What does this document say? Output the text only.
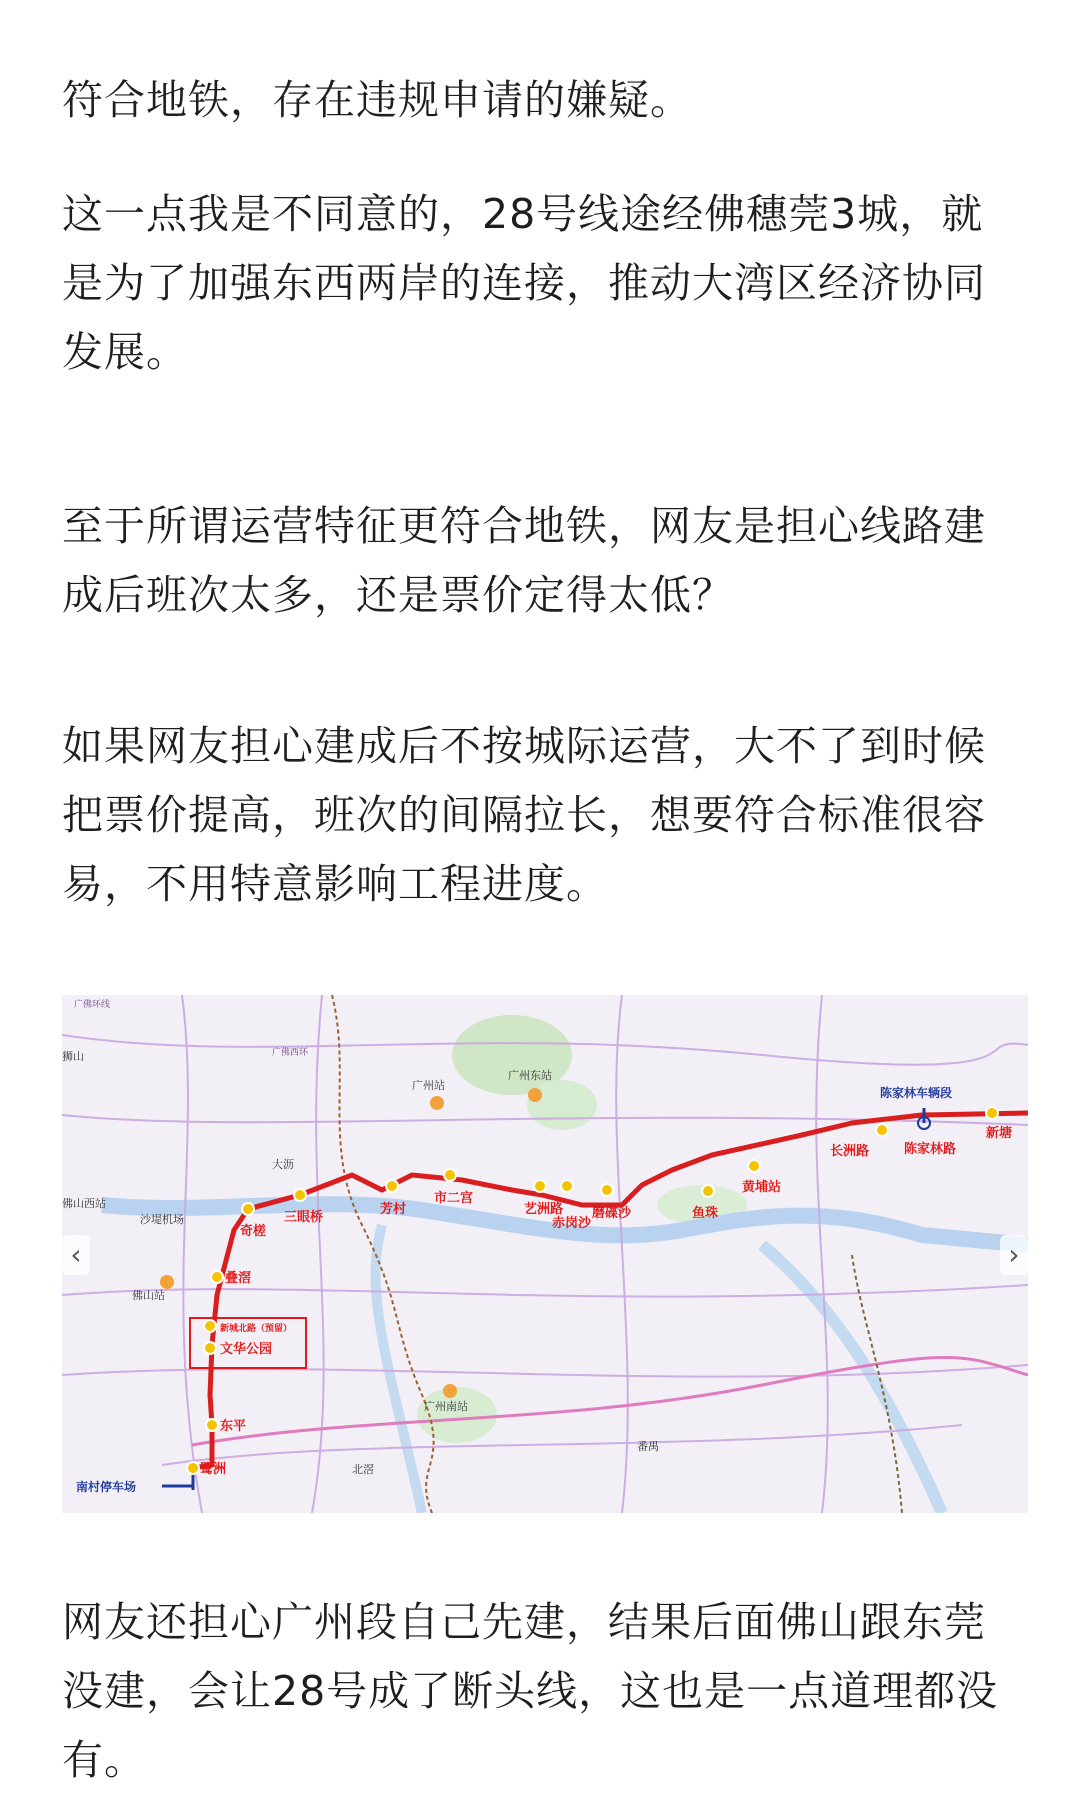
符合地铁，存在违规申请的嫌疑。

这一点我是不同意的，28号线途经佛穗莞3城，就是为了加强东西两岸的连接，推动大湾区经济协同发展。

至于所谓运营特征更符合地铁，网友是担心线路建成后班次太多，还是票价定得太低？

如果网友担心建成后不按城际运营，大不了到时候把票价提高，班次的间隔拉长，想要符合标准很容易，不用特意影响工程进度。

狮山
大沥
佛山西站
沙堤机场
佛山站
广州站
广州东站
广州南站
番禺
北滘
广佛环线
广佛西环
南村停车场
陈家林车辆段
鹭洲
东平
文华公园
叠滘
奇槎
三眼桥
芳村
市二宫
艺洲路
赤岗沙
磨碟沙	鱼珠
黄埔站
长洲路	陈家林路
新塘
新城北路（预留）
‹	›

网友还担心广州段自己先建，结果后面佛山跟东莞没建，会让28号成了断头线，这也是一点道理都没有。
